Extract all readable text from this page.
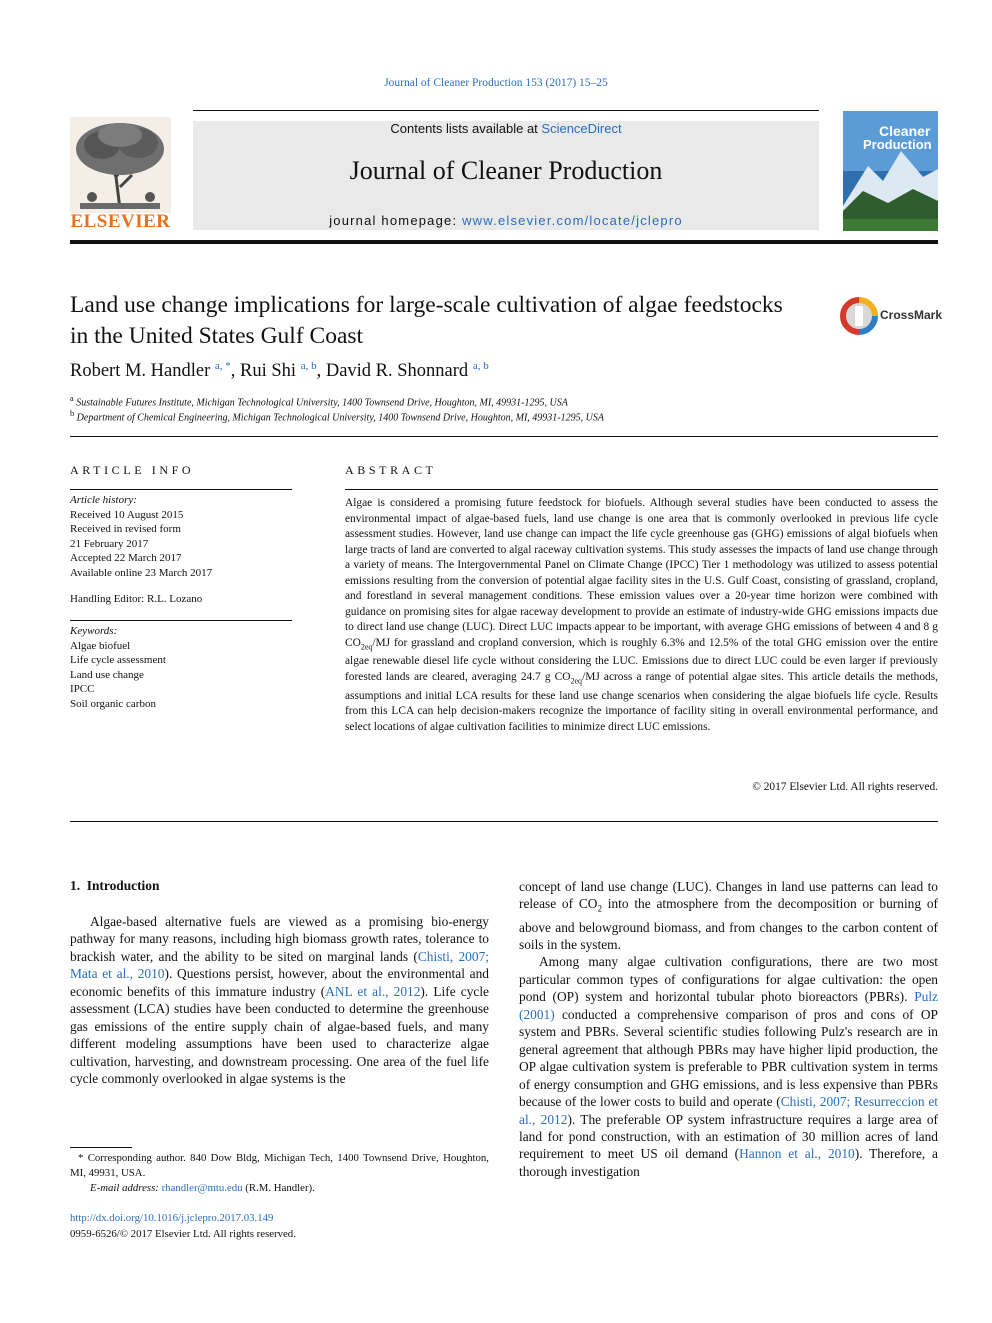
Journal of Cleaner Production 153 (2017) 15–25
ELSEVIER
Contents lists available at ScienceDirect
Journal of Cleaner Production
journal homepage: www.elsevier.com/locate/jclepro
Cleaner
Production
Land use change implications for large-scale cultivation of algae feedstocks in the United States Gulf Coast
CrossMark
Robert M. Handler $^{a, *}$, Rui Shi $^{a, b}$, David R. Shonnard $^{a, b}$
$^a$ Sustainable Futures Institute, Michigan Technological University, 1400 Townsend Drive, Houghton, MI, 49931-1295, USA
$^b$ Department of Chemical Engineering, Michigan Technological University, 1400 Townsend Drive, Houghton, MI, 49931-1295, USA
ARTICLE INFO
Article history:
Received 10 August 2015
Received in revised form
21 February 2017
Accepted 22 March 2017
Available online 23 March 2017
Handling Editor: R.L. Lozano
Keywords:
Algae biofuel
Life cycle assessment
Land use change
IPCC
Soil organic carbon
ABSTRACT
Algae is considered a promising future feedstock for biofuels. Although several studies have been conducted to assess the environmental impact of algae-based fuels, land use change is one area that is commonly overlooked in previous life cycle assessment studies. However, land use change can impact the life cycle greenhouse gas (GHG) emissions of algal biofuels when large tracts of land are converted to algal raceway cultivation systems. This study assesses the impacts of land use change through a variety of means. The Intergovernmental Panel on Climate Change (IPCC) Tier 1 methodology was utilized to assess potential emissions resulting from the conversion of potential algae facility sites in the U.S. Gulf Coast, consisting of grassland, cropland, and forestland in several management conditions. These emission values over a 20-year time horizon were combined with guidance on promising sites for algae raceway development to provide an estimate of industry-wide GHG emissions impacts due to direct land use change (LUC). Direct LUC impacts appear to be important, with average GHG emissions of between 4 and 8 g $CO_{2eq}/MJ$ for grassland and cropland conversion, which is roughly 6.3% and 12.5% of the total GHG emission over the entire algae renewable diesel life cycle without considering the LUC. Emissions due to direct LUC could be even larger if previously forested lands are cleared, averaging 24.7 g $CO_{2eq}/MJ$ across a range of potential algae sites. This article details the methods, assumptions and initial LCA results for these land use change scenarios when considering the algae biofuels life cycle. Results from this LCA can help decision-makers recognize the importance of facility siting in overall environmental performance, and select locations of algae cultivation facilities to minimize direct LUC emissions.
© 2017 Elsevier Ltd. All rights reserved.
1. Introduction

Algae-based alternative fuels are viewed as a promising bio-energy pathway for many reasons, including high biomass growth rates, tolerance to brackish water, and the ability to be sited on marginal lands (Chisti, 2007; Mata et al., 2010). Questions persist, however, about the environmental and economic benefits of this immature industry (ANL et al., 2012). Life cycle assessment (LCA) studies have been conducted to determine the greenhouse gas emissions of the entire supply chain of algae-based fuels, and many different modeling assumptions have been used to characterize algae cultivation, harvesting, and downstream processing. One area of the fuel life cycle commonly overlooked in algae systems is the

concept of land use change (LUC). Changes in land use patterns can lead to release of $CO_2$ into the atmosphere from the decomposition or burning of above and belowground biomass, and from changes to the carbon content of soils in the system.

Among many algae cultivation configurations, there are two most particular common types of configurations for algae cultivation: the open pond (OP) system and horizontal tubular photo bioreactors (PBRs). Pulz (2001) conducted a comprehensive comparison of pros and cons of OP system and PBRs. Several scientific studies following Pulz's research are in general agreement that although PBRs may have higher lipid production, the OP algae cultivation system is preferable to PBR cultivation system in terms of energy consumption and GHG emissions, and is less expensive than PBRs because of the lower costs to build and operate (Chisti, 2007; Resurreccion et al., 2012). The preferable OP system infrastructure requires a large area of land for pond construction, with an estimation of 30 million acres of land requirement to meet US oil demand (Hannon et al., 2010). Therefore, a thorough investigation

* Corresponding author. 840 Dow Bldg, Michigan Tech, 1400 Townsend Drive, Houghton, MI, 49931, USA.
E-mail address: rhandler@mtu.edu (R.M. Handler).
http://dx.doi.org/10.1016/j.jclepro.2017.03.149
0959-6526/© 2017 Elsevier Ltd. All rights reserved.
